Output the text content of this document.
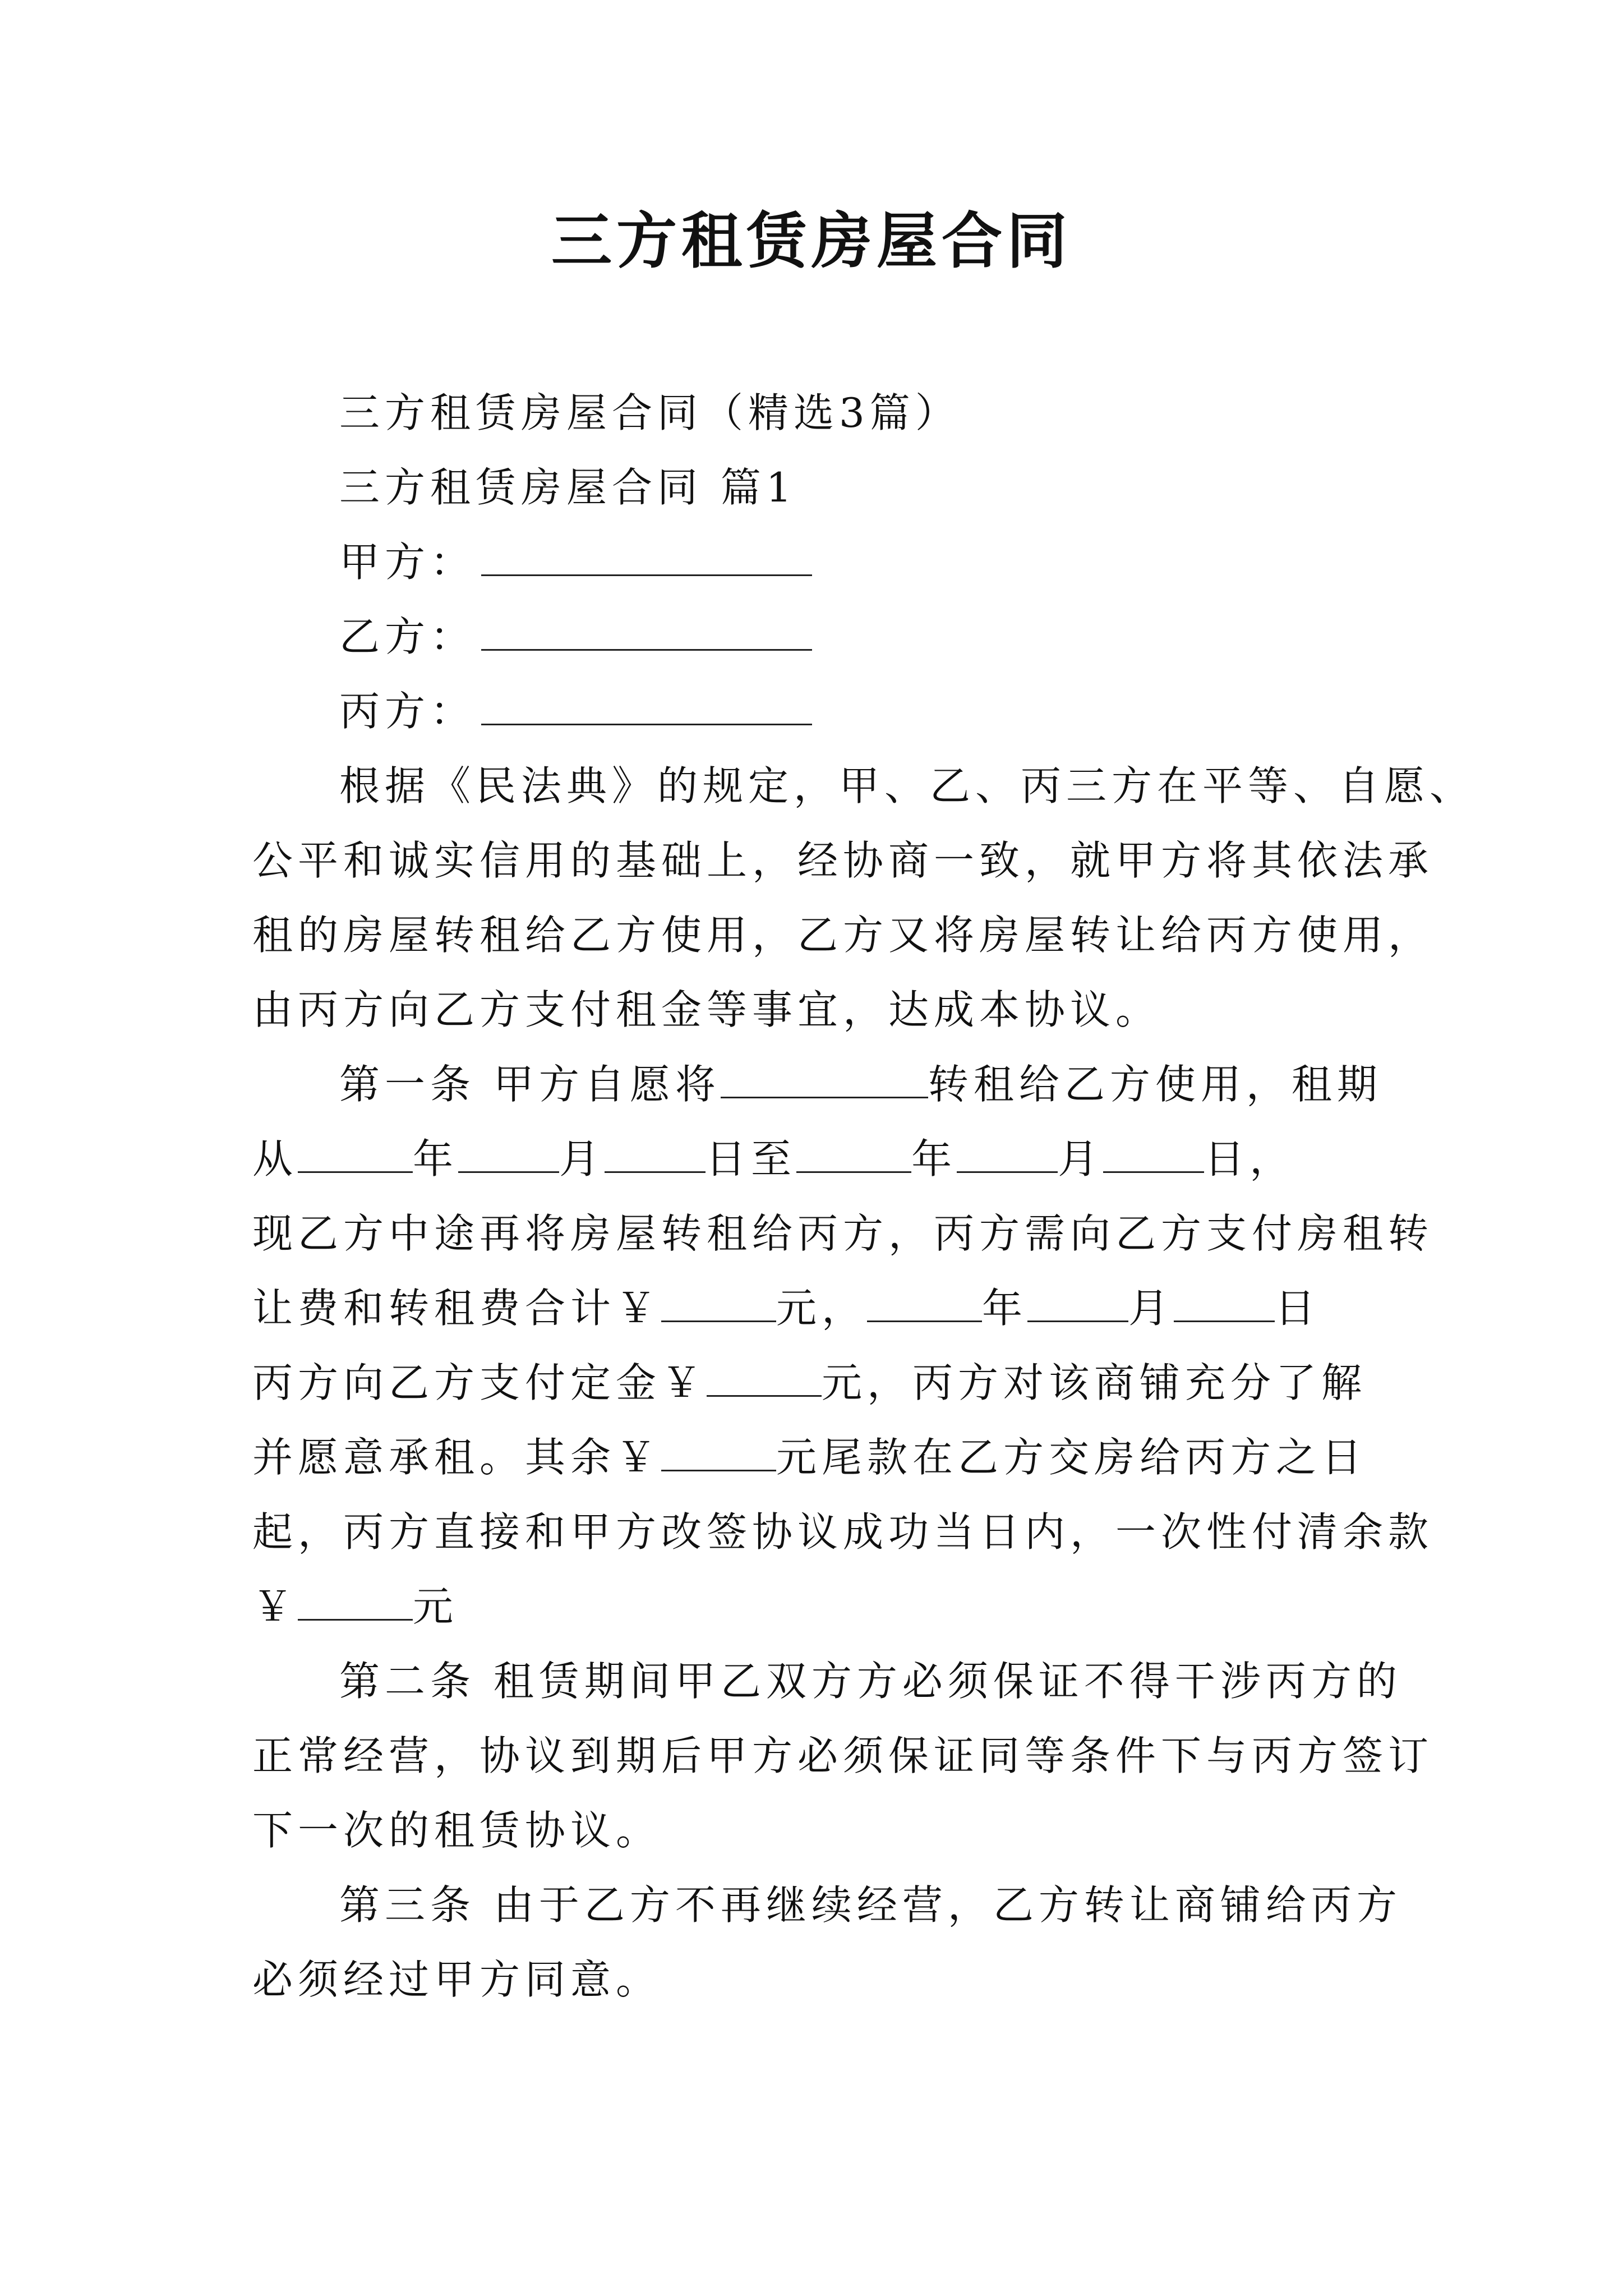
三方租赁房屋合同
三方租赁房屋合同（精选3篇）
三方租赁房屋合同 篇1
甲方：
乙方：
丙方：
根据《民法典》的规定，甲、乙、丙三方在平等、自愿、
公平和诚实信用的基础上，经协商一致，就甲方将其依法承
租的房屋转租给乙方使用，乙方又将房屋转让给丙方使用，
由丙方向乙方支付租金等事宜，达成本协议。
第一条 甲方自愿将	转租给乙方使用，租期
从	年	月	日至	年	月	日，
现乙方中途再将房屋转租给丙方，丙方需向乙方支付房租转
让费和转租费合计￥	元，	年	月	日
丙方向乙方支付定金￥	元，丙方对该商铺充分了解
并愿意承租。其余￥	元尾款在乙方交房给丙方之日
起，丙方直接和甲方改签协议成功当日内，一次性付清余款
￥	元
第二条 租赁期间甲乙双方方必须保证不得干涉丙方的
正常经营，协议到期后甲方必须保证同等条件下与丙方签订
下一次的租赁协议。
第三条 由于乙方不再继续经营，乙方转让商铺给丙方
必须经过甲方同意。
